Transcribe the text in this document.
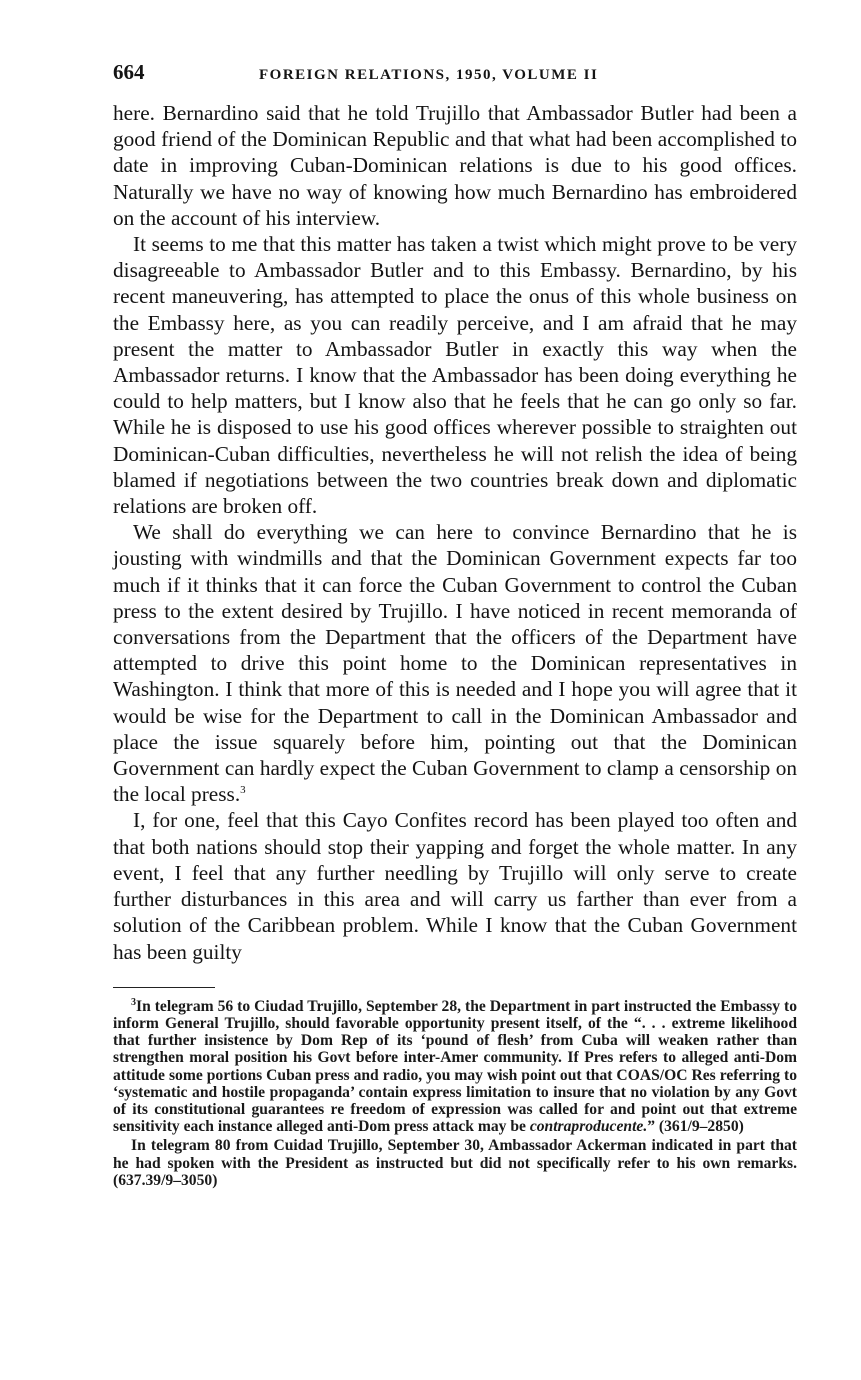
664	FOREIGN RELATIONS, 1950, VOLUME II

here. Bernardino said that he told Trujillo that Ambassador Butler had been a good friend of the Dominican Republic and that what had been accomplished to date in improving Cuban-Dominican relations is due to his good offices. Naturally we have no way of knowing how much Bernardino has embroidered on the account of his interview.

It seems to me that this matter has taken a twist which might prove to be very disagreeable to Ambassador Butler and to this Embassy. Bernardino, by his recent maneuvering, has attempted to place the onus of this whole business on the Embassy here, as you can readily perceive, and I am afraid that he may present the matter to Ambassador Butler in exactly this way when the Ambassador returns. I know that the Ambassador has been doing everything he could to help matters, but I know also that he feels that he can go only so far. While he is disposed to use his good offices wherever possible to straighten out Dominican-Cuban difficulties, nevertheless he will not relish the idea of being blamed if negotiations between the two countries break down and diplomatic relations are broken off.

We shall do everything we can here to convince Bernardino that he is jousting with windmills and that the Dominican Government expects far too much if it thinks that it can force the Cuban Government to control the Cuban press to the extent desired by Trujillo. I have noticed in recent memoranda of conversations from the Department that the officers of the Department have attempted to drive this point home to the Dominican representatives in Washington. I think that more of this is needed and I hope you will agree that it would be wise for the Department to call in the Dominican Ambassador and place the issue squarely before him, pointing out that the Dominican Government can hardly expect the Cuban Government to clamp a censorship on the local press.$^3$

I, for one, feel that this Cayo Confites record has been played too often and that both nations should stop their yapping and forget the whole matter. In any event, I feel that any further needling by Trujillo will only serve to create further disturbances in this area and will carry us farther than ever from a solution of the Caribbean problem. While I know that the Cuban Government has been guilty

$^3$In telegram 56 to Ciudad Trujillo, September 28, the Department in part instructed the Embassy to inform General Trujillo, should favorable opportunity present itself, of the “. . . extreme likelihood that further insistence by Dom Rep of its ‘pound of flesh’ from Cuba will weaken rather than strengthen moral position his Govt before inter-Amer community. If Pres refers to alleged anti-Dom attitude some portions Cuban press and radio, you may wish point out that COAS/OC Res referring to ‘systematic and hostile propaganda’ contain express limitation to insure that no violation by any Govt of its constitutional guarantees re freedom of expression was called for and point out that extreme sensitivity each instance alleged anti-Dom press attack may be contraproducente.” (361/9–2850)

In telegram 80 from Cuidad Trujillo, September 30, Ambassador Ackerman indicated in part that he had spoken with the President as instructed but did not specifically refer to his own remarks. (637.39/9–3050)
